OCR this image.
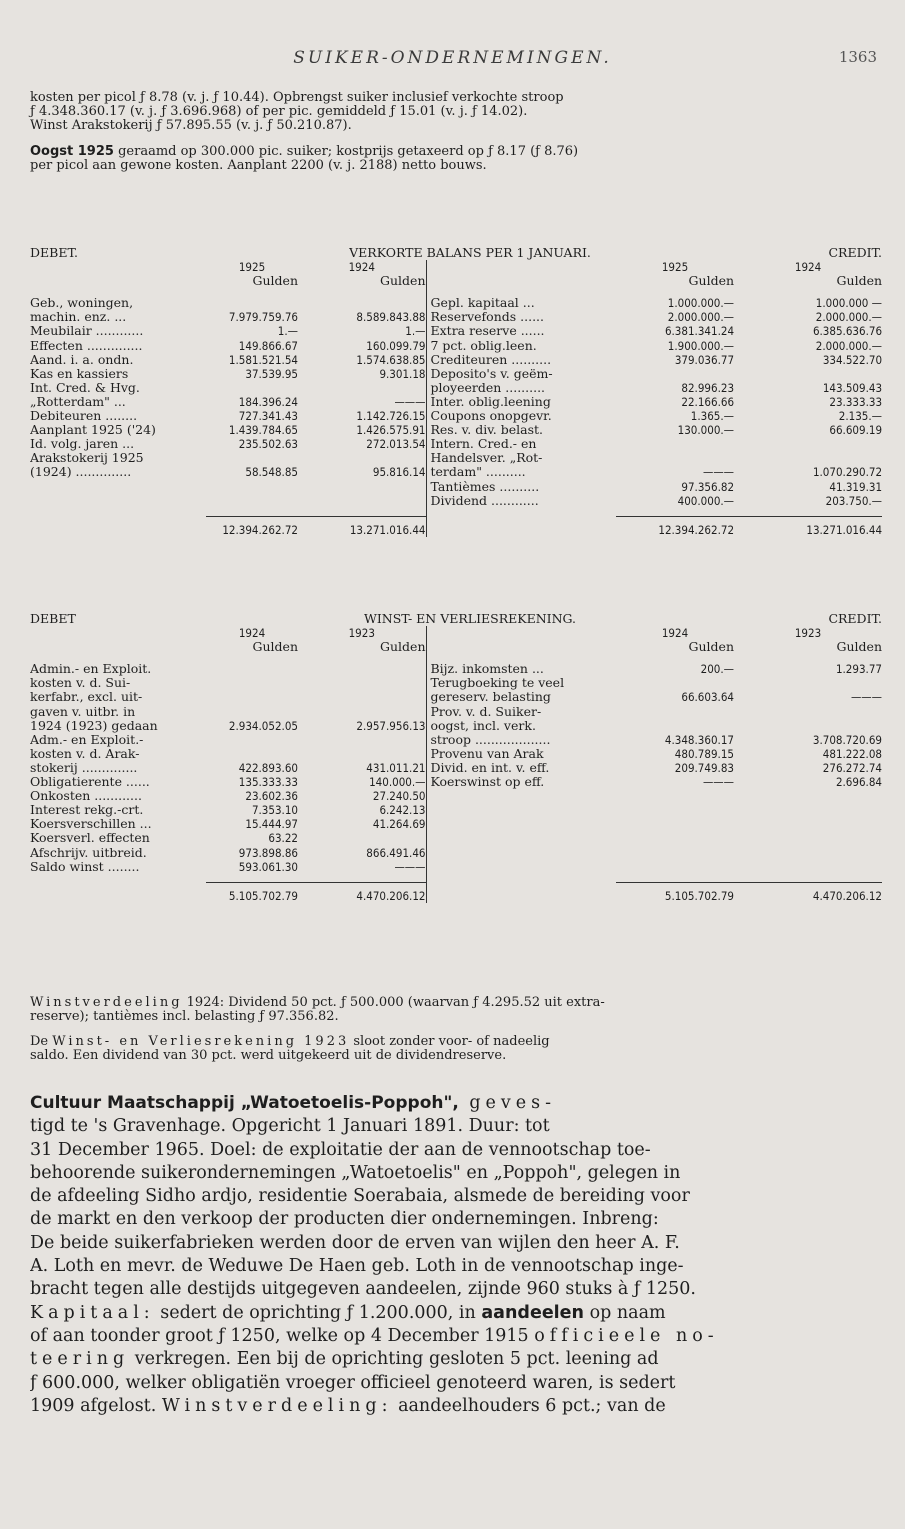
SUIKER-ONDERNEMINGEN.	1363
kosten per picol ƒ 8.78 (v. j. ƒ 10.44). Opbrengst suiker inclusief verkochte stroop
ƒ 4.348.360.17 (v. j. ƒ 3.696.968) of per pic. gemiddeld ƒ 15.01 (v. j. ƒ 14.02).
Winst Arakstokerij ƒ 57.895.55 (v. j. ƒ 50.210.87).
Oogst 1925 geraamd op 300.000 pic. suiker; kostprijs getaxeerd op ƒ 8.17 (ƒ 8.76)
per picol aan gewone kosten. Aanplant 2200 (v. j. 2188) netto bouws.
DEBET.	VERKORTE BALANS PER 1 JANUARI.				CREDIT.
	1925	1924		1925	1924
	Gulden	Gulden		Gulden	Gulden

Geb., woningen,			Gepl. kapitaal ...	1.000.000.—	1.000.000 —
machin. enz. ...	7.979.759.76	8.589.843.88	Reservefonds ......	2.000.000.—	2.000.000.—
Meubilair ............	1.—	1.—	Extra reserve ......	6.381.341.24	6.385.636.76
Effecten ..............	149.866.67	160.099.79	7 pct. oblig.leen.	1.900.000.—	2.000.000.—
Aand. i. a. ondn.	1.581.521.54	1.574.638.85	Crediteuren ..........	379.036.77	334.522.70
Kas en kassiers	37.539.95	9.301.18	Deposito's v. geëm-		
Int. Cred. & Hvg.			ployeerden ..........	82.996.23	143.509.43
„Rotterdam" ...	184.396.24	———	Inter. oblig.leening	22.166.66	23.333.33
Debiteuren ........	727.341.43	1.142.726.15	Coupons onopgevr.	1.365.—	2.135.—
Aanplant 1925 ('24)	1.439.784.65	1.426.575.91	Res. v. div. belast.	130.000.—	66.609.19
Id. volg. jaren ...	235.502.63	272.013.54	Intern. Cred.- en		
Arakstokerij 1925			Handelsver. „Rot-		
(1924) ..............	58.548.85	95.816.14	terdam" ..........	———	1.070.290.72
			Tantièmes ..........	97.356.82	41.319.31
			Dividend ............	400.000.—	203.750.—

	12.394.262.72	13.271.016.44		12.394.262.72	13.271.016.44
DEBET	WINST- EN VERLIESREKENING.				CREDIT.
	1924	1923		1924	1923
	Gulden	Gulden		Gulden	Gulden

Admin.- en Exploit.			Bijz. inkomsten ...	200.—	1.293.77
kosten v. d. Sui-			Terugboeking te veel		
kerfabr., excl. uit-			gereserv. belasting	66.603.64	———
gaven v. uitbr. in			Prov. v. d. Suiker-		
1924 (1923) gedaan	2.934.052.05	2.957.956.13	oogst, incl. verk.		
Adm.- en Exploit.-			stroop ...................	4.348.360.17	3.708.720.69
kosten v. d. Arak-			Provenu van Arak	480.789.15	481.222.08
stokerij ..............	422.893.60	431.011.21	Divid. en int. v. eff.	209.749.83	276.272.74
Obligatierente ......	135.333.33	140.000.—	Koerswinst op eff.	———	2.696.84
Onkosten ............	23.602.36	27.240.50			
Interest rekg.-crt.	7.353.10	6.242.13			
Koersverschillen ...	15.444.97	41.264.69			
Koersverl. effecten	63.22				
Afschrijv. uitbreid.	973.898.86	866.491.46			
Saldo winst ........	593.061.30	———			

	5.105.702.79	4.470.206.12		5.105.702.79	4.470.206.12

Winstverdeeling 1924: Dividend 50 pct. ƒ 500.000 (waarvan ƒ 4.295.52 uit extra-

reserve); tantièmes incl. belasting ƒ 97.356.82.

De Winst- en Verliesrekening 1923 sloot zonder voor- of nadeelig

saldo. Een dividend van 30 pct. werd uitgekeerd uit de dividendreserve.

Cultuur Maatschappij „Watoetoelis-Poppoh", geves-

tigd te 's Gravenhage. Opgericht 1 Januari 1891. Duur: tot

31 December 1965. Doel: de exploitatie der aan de vennootschap toe-

behoorende suikerondernemingen „Watoetoelis" en „Poppoh", gelegen in

de afdeeling Sidho ardjo, residentie Soerabaia, alsmede de bereiding voor

de markt en den verkoop der producten dier ondernemingen. Inbreng:

De beide suikerfabrieken werden door de erven van wijlen den heer A. F.

A. Loth en mevr. de Weduwe De Haen geb. Loth in de vennootschap inge-

bracht tegen alle destijds uitgegeven aandeelen, zijnde 960 stuks à ƒ 1250.

Kapitaal: sedert de oprichting ƒ 1.200.000, in aandeelen op naam

of aan toonder groot ƒ 1250, welke op 4 December 1915 officieele no-

teering verkregen. Een bij de oprichting gesloten 5 pct. leening ad

ƒ 600.000, welker obligatiën vroeger officieel genoteerd waren, is sedert

1909 afgelost. Winstverdeeling: aandeelhouders 6 pct.; van de
